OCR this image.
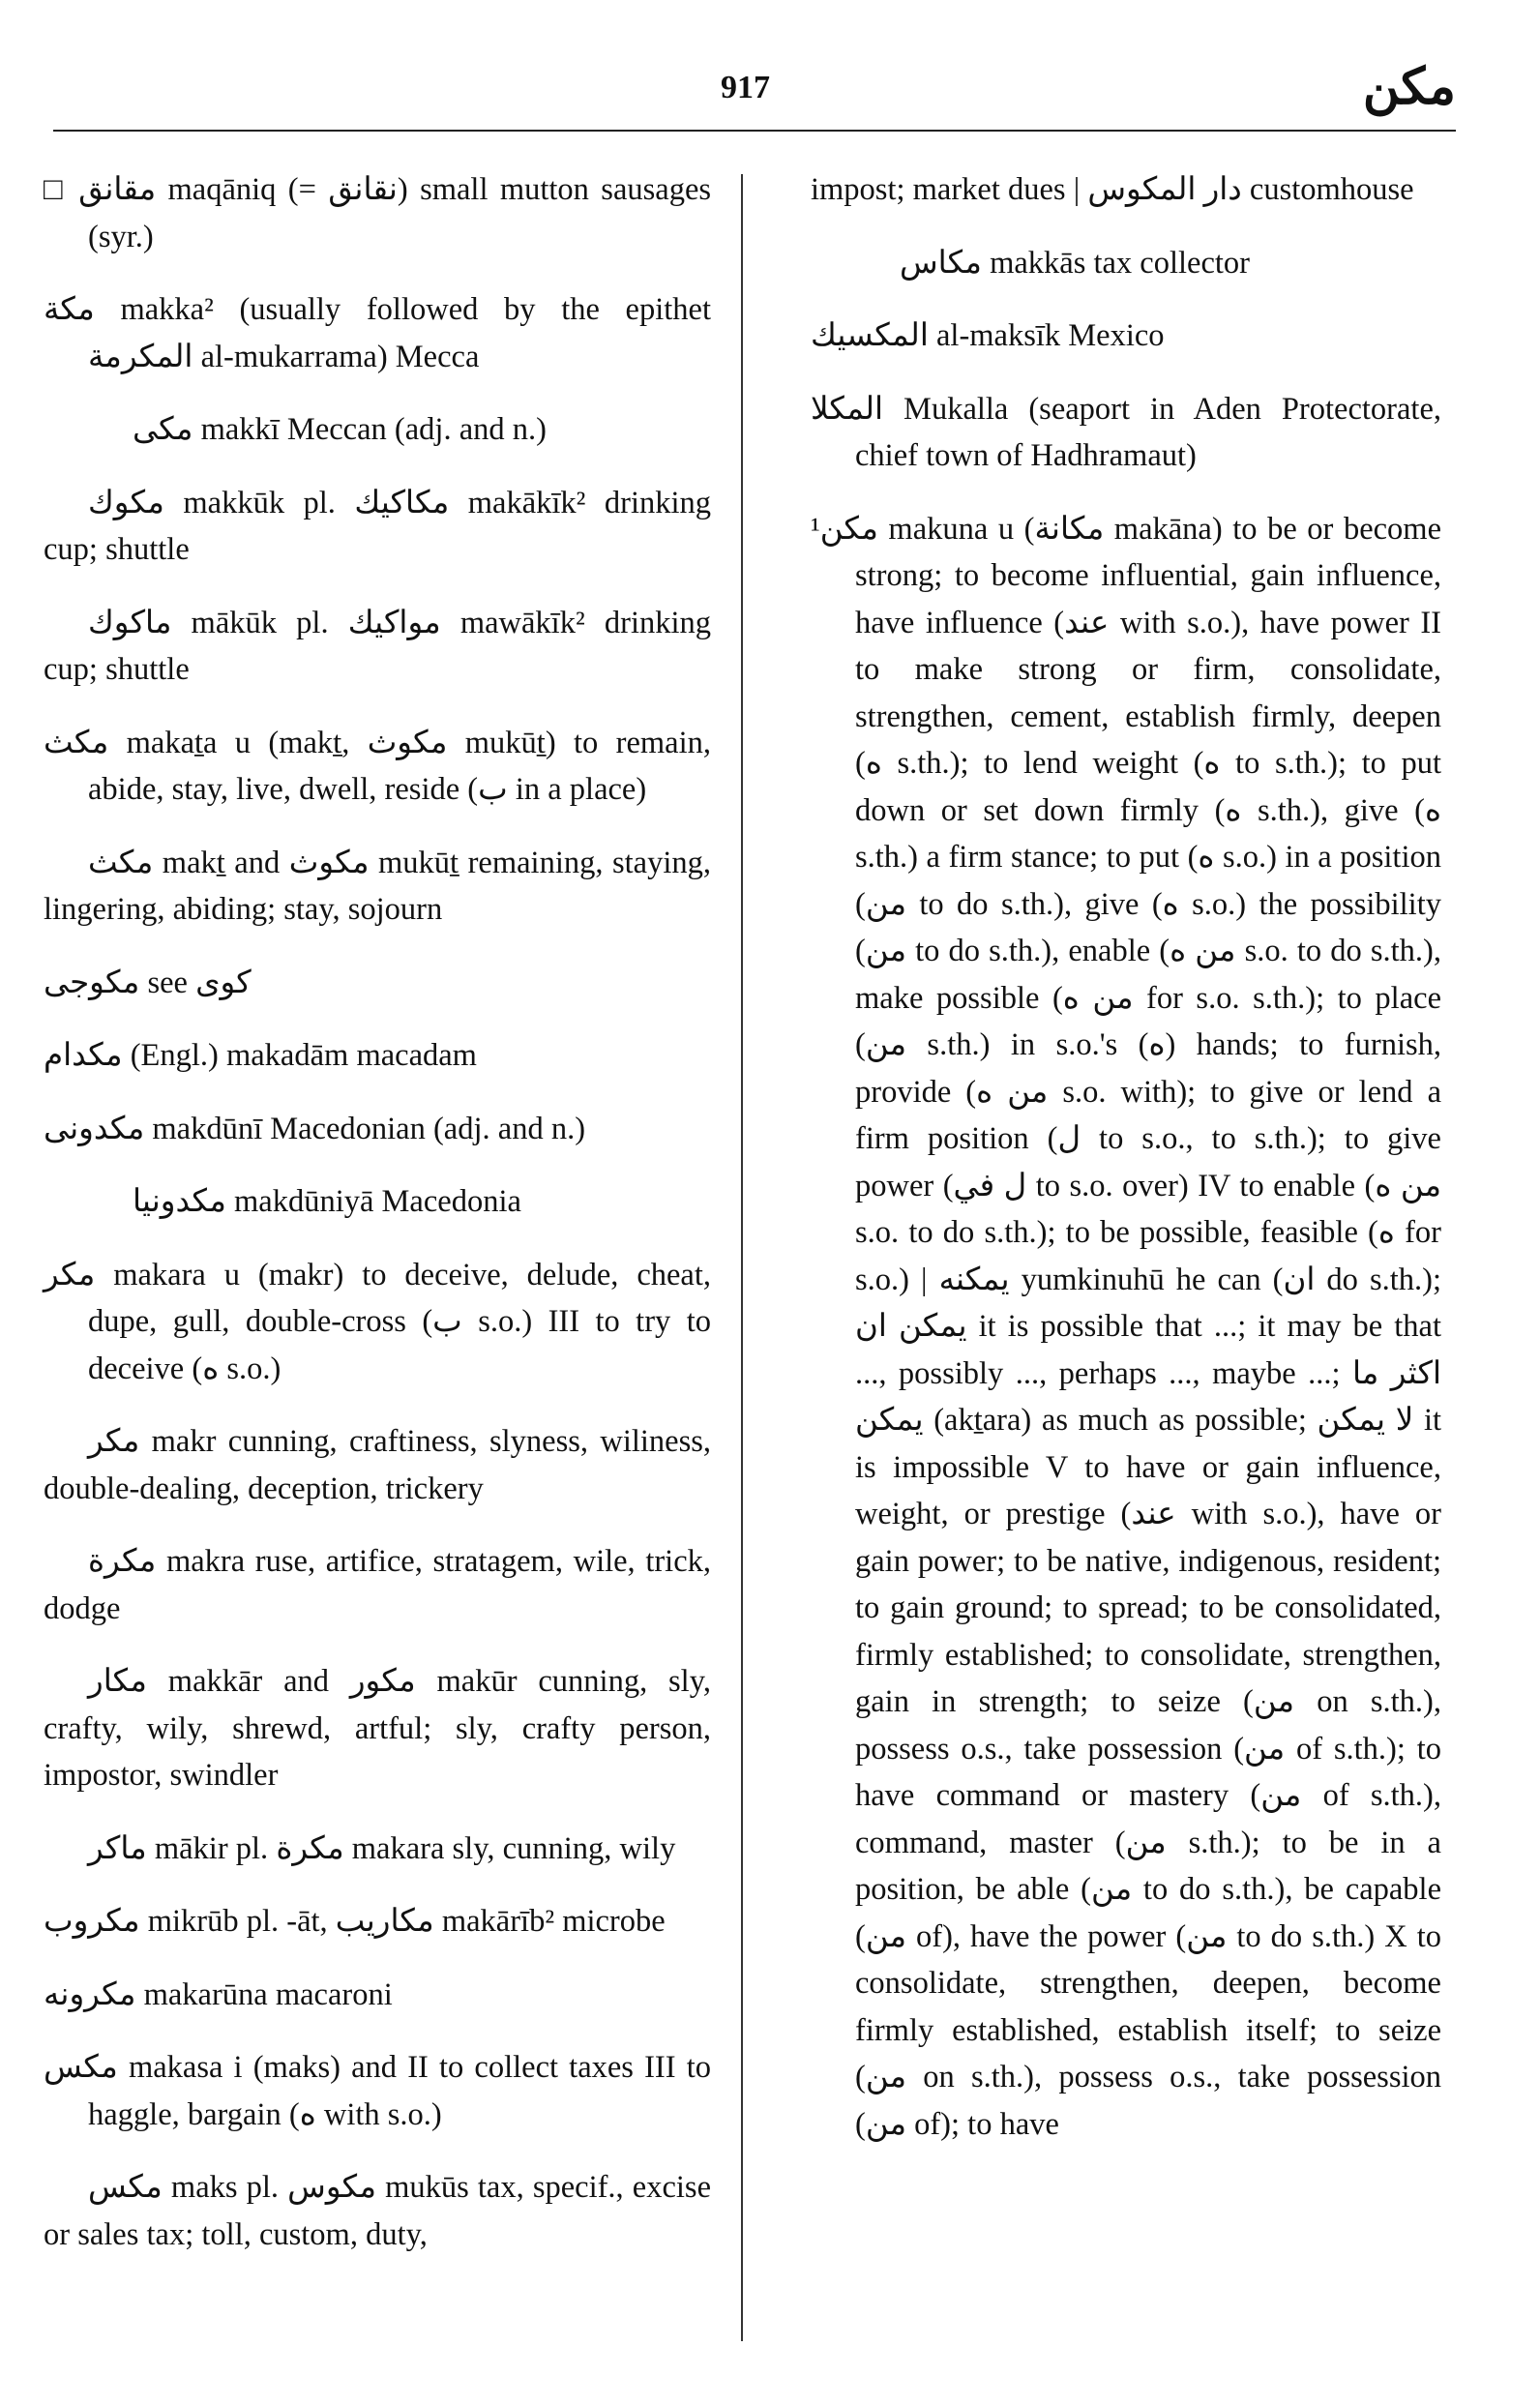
917	مكن

□ مقانق maqāniq (= نقانق) small mutton sausages (syr.)

مكة makka² (usually followed by the epithet المكرمة al-mukarrama) Mecca

مكى makkī Meccan (adj. and n.)

مكوك makkūk pl. مكاكيك makākīk² drinking cup; shuttle

ماكوك mākūk pl. مواكيك mawākīk² drinking cup; shuttle

مكث makaṯa u (makṯ, مكوث mukūṯ) to remain, abide, stay, live, dwell, reside (ب in a place)

مكث makṯ and مكوث mukūṯ remaining, staying, lingering, abiding; stay, sojourn

مكوجى see كوى

مكدام (Engl.) makadām macadam

مكدونى makdūnī Macedonian (adj. and n.)

مكدونيا makdūniyā Macedonia

مكر makara u (makr) to deceive, delude, cheat, dupe, gull, double-cross (ب s.o.) III to try to deceive (ه s.o.)

مكر makr cunning, craftiness, slyness, wiliness, double-dealing, deception, trickery

مكرة makra ruse, artifice, stratagem, wile, trick, dodge

مكار makkār and مكور makūr cunning, sly, crafty, wily, shrewd, artful; sly, crafty person, impostor, swindler

ماكر mākir pl. مكرة makara sly, cunning, wily

مكروب mikrūb pl. -āt, مكاريب makārīb² microbe

مكرونه makarūna macaroni

مكس makasa i (maks) and II to collect taxes III to haggle, bargain (ه with s.o.)

مكس maks pl. مكوس mukūs tax, specif., excise or sales tax; toll, custom, duty,

impost; market dues | دار المكوس customhouse

مكاس makkās tax collector

المكسيك al-maksīk Mexico

المكلا Mukalla (seaport in Aden Protectorate, chief town of Hadhramaut)

¹مكن makuna u (مكانة makāna) to be or become strong; to become influential, gain influence, have influence (عند with s.o.), have power II to make strong or firm, consolidate, strengthen, cement, establish firmly, deepen (ه s.th.); to lend weight (ه to s.th.); to put down or set down firmly (ه s.th.), give (ه s.th.) a firm stance; to put (ه s.o.) in a position (من to do s.th.), give (ه s.o.) the possibility (من to do s.th.), enable (من ه s.o. to do s.th.), make possible (من ه for s.o. s.th.); to place (من s.th.) in s.o.'s (ه) hands; to furnish, provide (من ه s.o. with); to give or lend a firm position (ل to s.o., to s.th.); to give power (ل في to s.o. over) IV to enable (من ه s.o. to do s.th.); to be possible, feasible (ه for s.o.) | يمكنه yumkinuhū he can (ان do s.th.); يمكن ان it is possible that ...; it may be that ..., possibly ..., perhaps ..., maybe ...; اكثر ما يمكن (akṯara) as much as possible; لا يمكن it is impossible V to have or gain influence, weight, or prestige (عند with s.o.), have or gain power; to be native, indigenous, resident; to gain ground; to spread; to be consolidated, firmly established; to consolidate, strengthen, gain in strength; to seize (من on s.th.), possess o.s., take possession (من of s.th.); to have command or mastery (من of s.th.), command, master (من s.th.); to be in a position, be able (من to do s.th.), be capable (من of), have the power (من to do s.th.) X to consolidate, strengthen, deepen, become firmly established, establish itself; to seize (من on s.th.), possess o.s., take possession (من of); to have
